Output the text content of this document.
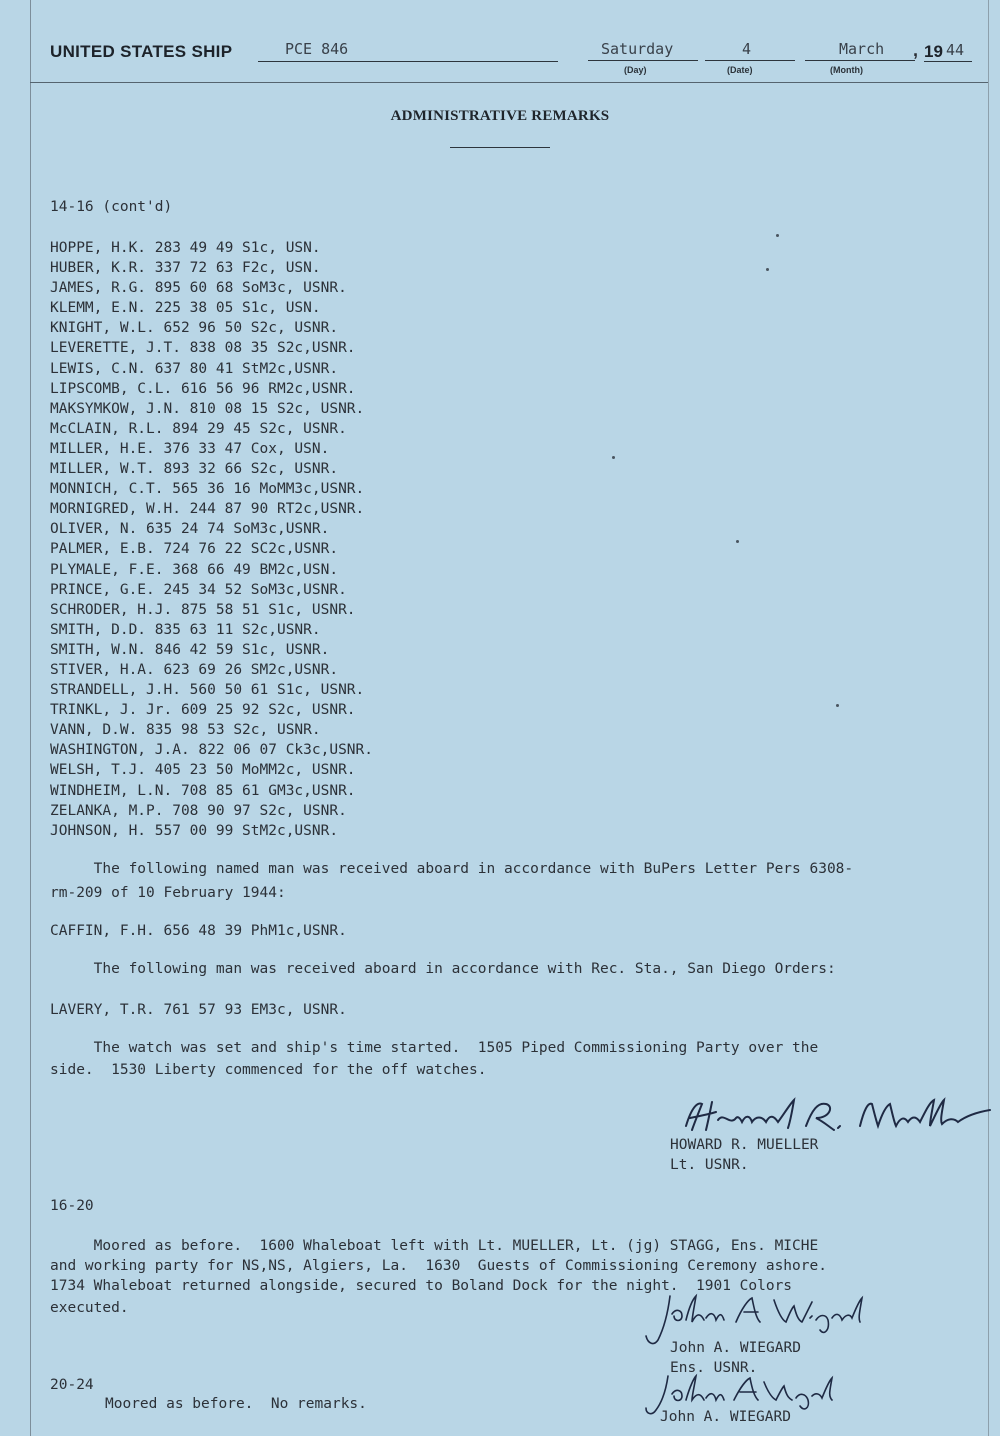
UNITED STATES SHIP	PCE 846	Saturday
(Day)
4
(Date)
March
(Month)
, 19 44
ADMINISTRATIVE REMARKS
14-16 (cont'd)
HOPPE, H.K. 283 49 49 S1c, USN.
HUBER, K.R. 337 72 63 F2c, USN.
JAMES, R.G. 895 60 68 SoM3c, USNR.
KLEMM, E.N. 225 38 05 S1c, USN.
KNIGHT, W.L. 652 96 50 S2c, USNR.
LEVERETTE, J.T. 838 08 35 S2c,USNR.
LEWIS, C.N. 637 80 41 StM2c,USNR.
LIPSCOMB, C.L. 616 56 96 RM2c,USNR.
MAKSYMKOW, J.N. 810 08 15 S2c, USNR.
McCLAIN, R.L. 894 29 45 S2c, USNR.
MILLER, H.E. 376 33 47 Cox, USN.
MILLER, W.T. 893 32 66 S2c, USNR.
MONNICH, C.T. 565 36 16 MoMM3c,USNR.
MORNIGRED, W.H. 244 87 90 RT2c,USNR.
OLIVER, N. 635 24 74 SoM3c,USNR.
PALMER, E.B. 724 76 22 SC2c,USNR.
PLYMALE, F.E. 368 66 49 BM2c,USN.
PRINCE, G.E. 245 34 52 SoM3c,USNR.
SCHRODER, H.J. 875 58 51 S1c, USNR.
SMITH, D.D. 835 63 11 S2c,USNR.
SMITH, W.N. 846 42 59 S1c, USNR.
STIVER, H.A. 623 69 26 SM2c,USNR.
STRANDELL, J.H. 560 50 61 S1c, USNR.
TRINKL, J. Jr. 609 25 92 S2c, USNR.
VANN, D.W. 835 98 53 S2c, USNR.
WASHINGTON, J.A. 822 06 07 Ck3c,USNR.
WELSH, T.J. 405 23 50 MoMM2c, USNR.
WINDHEIM, L.N. 708 85 61 GM3c,USNR.
ZELANKA, M.P. 708 90 97 S2c, USNR.
JOHNSON, H. 557 00 99 StM2c,USNR.
The following named man was received aboard in accordance with BuPers Letter Pers 6308-
rm-209 of 10 February 1944:
CAFFIN, F.H. 656 48 39 PhM1c,USNR.
The following man was received aboard in accordance with Rec. Sta., San Diego Orders:
LAVERY, T.R. 761 57 93 EM3c, USNR.
The watch was set and ship's time started.  1505 Piped Commissioning Party over the
side.  1530 Liberty commenced for the off watches.
HOWARD R. MUELLER
Lt. USNR.
16-20
Moored as before.  1600 Whaleboat left with Lt. MUELLER, Lt. (jg) STAGG, Ens. MICHE
and working party for NS,NS, Algiers, La.  1630  Guests of Commissioning Ceremony ashore.
1734 Whaleboat returned alongside, secured to Boland Dock for the night.  1901 Colors
executed.
John A. WIEGARD
Ens. USNR.
20-24
Moored as before.  No remarks.
John A. WIEGARD
